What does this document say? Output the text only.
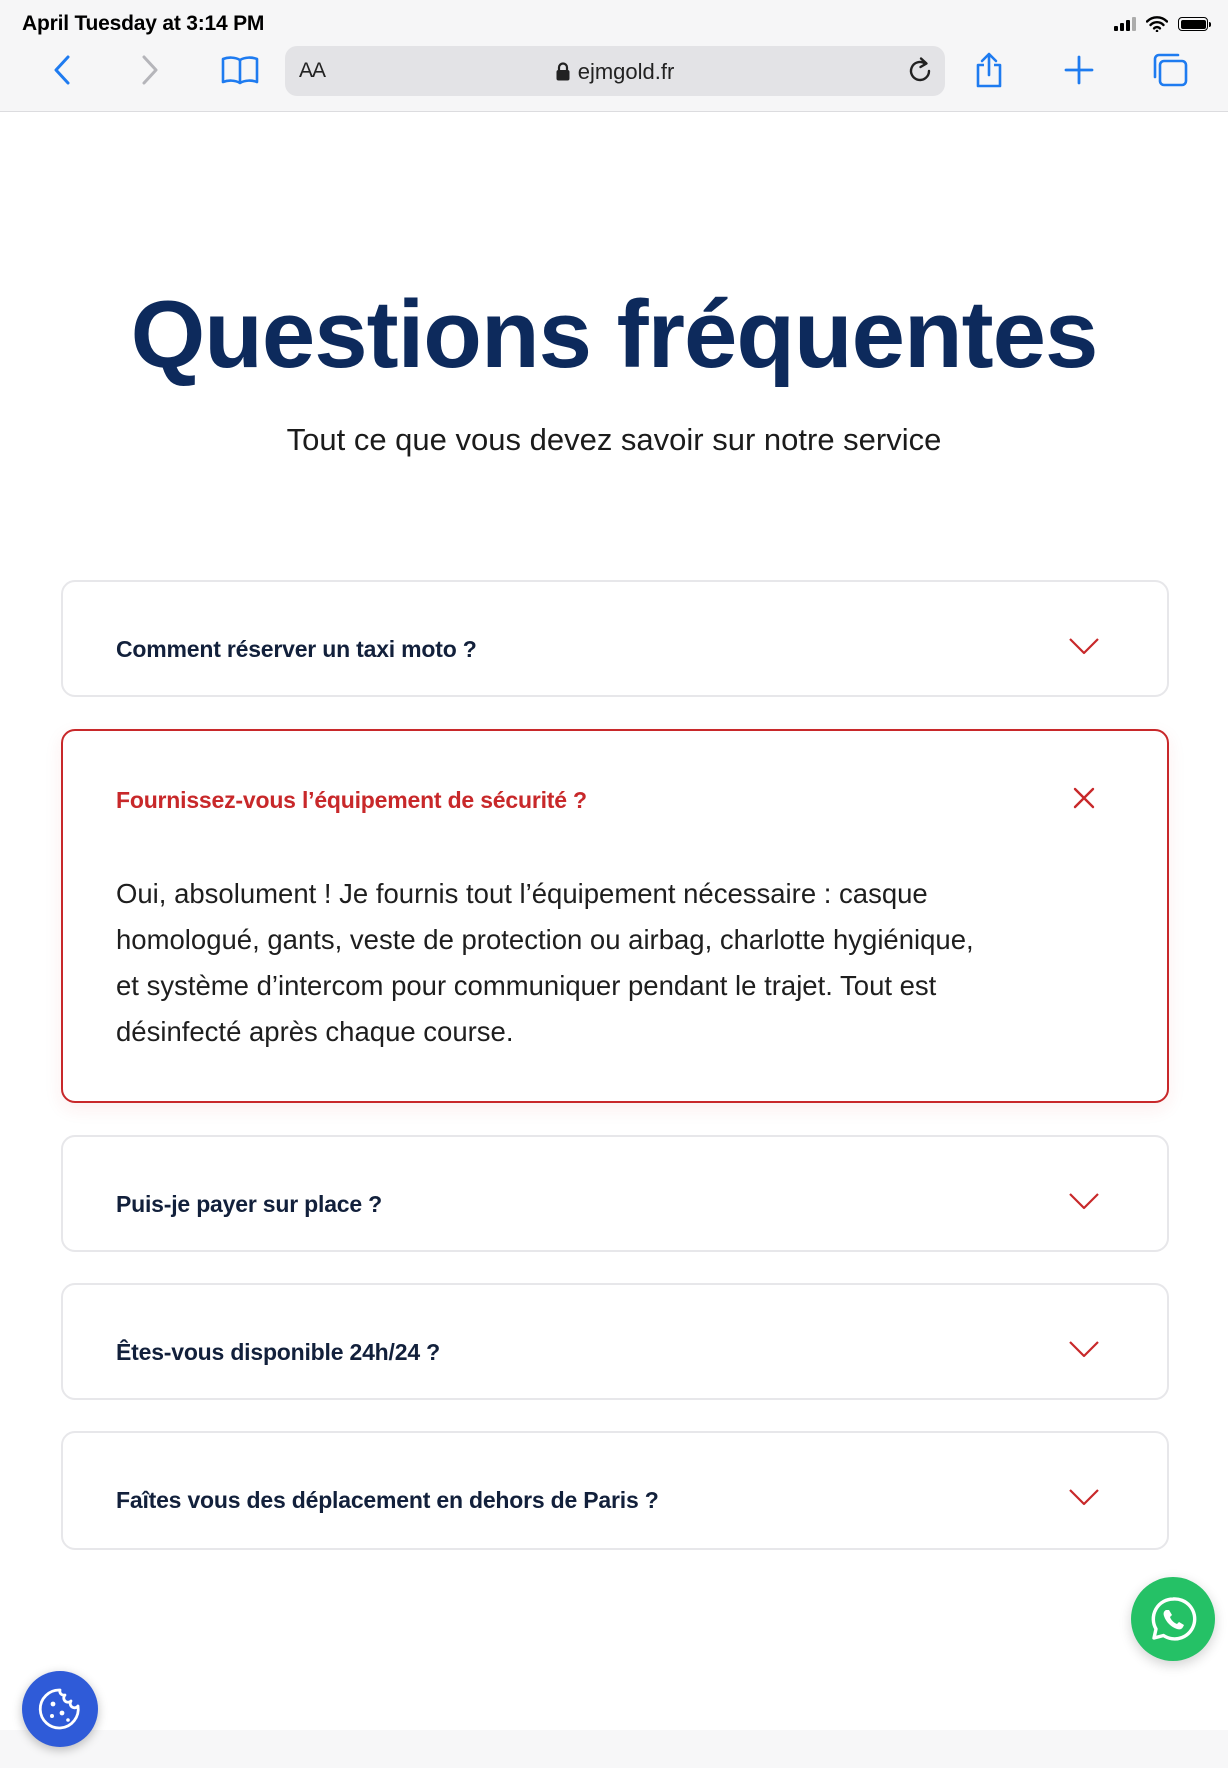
April Tuesday at 3:14 PM
AA	ejmgold.fr
Questions fréquentes

Tout ce que vous devez savoir sur notre service

Comment réserver un taxi moto ?
Fournissez-vous l’équipement de sécurité ?

Oui, absolument ! Je fournis tout l’équipement nécessaire : casque homologué, gants, veste de protection ou airbag, charlotte hygiénique, et système d’intercom pour communiquer pendant le trajet. Tout est désinfecté après chaque course.

Puis-je payer sur place ?
Êtes-vous disponible 24h/24 ?
Faîtes vous des déplacement en dehors de Paris ?
